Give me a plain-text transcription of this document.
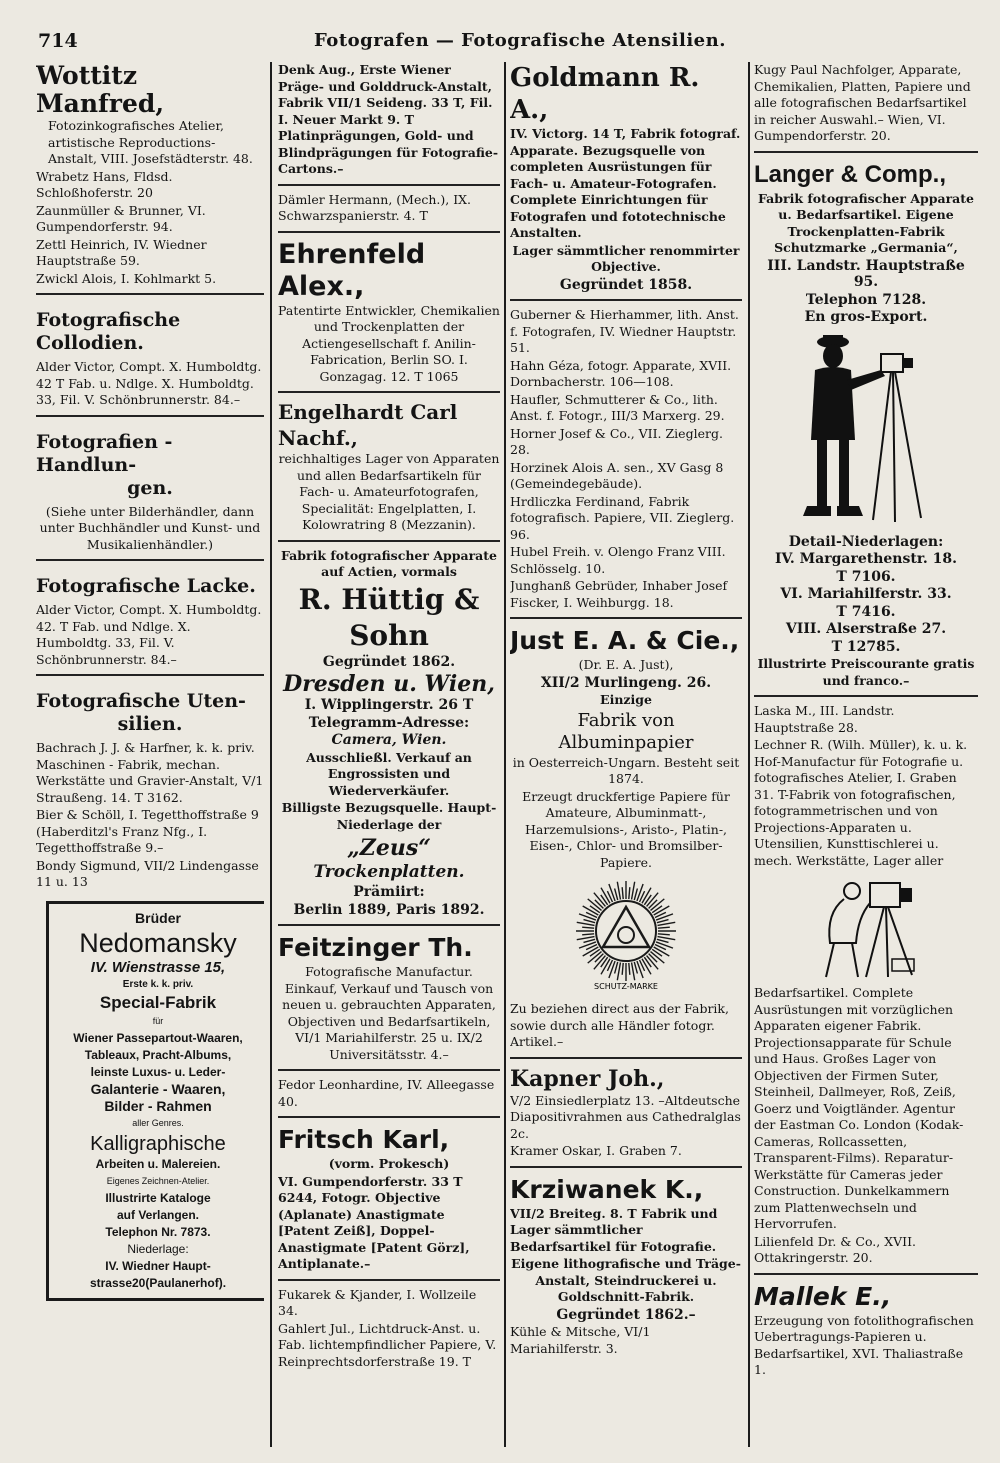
714	Fotografen — Fotografische Atensilien.
Wottitz Manfred,
Fotozinkografisches Atelier, artistische Reproductions-Anstalt, VIII. Josefstädterstr. 48.
Wrabetz Hans, Fldsd. Schloßhoferstr. 20
Zaunmüller & Brunner, VI. Gumpendorferstr. 94.
Zettl Heinrich, IV. Wiedner Hauptstraße 59.
Zwickl Alois, I. Kohlmarkt 5.
Fotografische Collodien.
Alder Victor, Compt. X. Humboldtg. 42 T Fab. u. Ndlge. X. Humboldtg. 33, Fil. V. Schönbrunnerstr. 84.–
Fotografien - Handlun-
gen.
(Siehe unter Bilderhändler, dann unter Buchhändler und Kunst- und Musikalienhändler.)
Fotografische Lacke.
Alder Victor, Compt. X. Humboldtg. 42. T Fab. und Ndlge. X. Humboldtg. 33, Fil. V. Schönbrunnerstr. 84.–
Fotografische Uten-
silien.
Bachrach J. J. & Harfner, k. k. priv. Maschinen - Fabrik, mechan. Werkstätte und Gravier-Anstalt, V/1 Straußeng. 14. T 3162.
Bier & Schöll, I. Tegetthoffstraße 9 (Haberditzl's Franz Nfg., I. Tegetthoffstraße 9.–
Bondy Sigmund, VII/2 Lindengasse 11 u. 13
Brüder
Nedomansky
IV. Wienstrasse 15,
Erste k. k. priv.
Special-Fabrik
für
Wiener Passepartout-Waaren,
Tableaux, Pracht-Albums,
leinste Luxus- u. Leder-
Galanterie - Waaren,
Bilder - Rahmen
aller Genres.
Kalligraphische
Arbeiten u. Malereien.
Eigenes Zeichnen-Atelier.
Illustrirte Kataloge
auf Verlangen.
Telephon Nr. 7873.
Niederlage:
IV. Wiedner Haupt-
strasse20(Paulanerhof).
Denk Aug., Erste Wiener Präge- und Golddruck-Anstalt, Fabrik VII/1 Seideng. 33 T, Fil. I. Neuer Markt 9. T Platinprägungen, Gold- und Blindprägungen für Fotografie-Cartons.–
Dämler Hermann, (Mech.), IX. Schwarzspanierstr. 4. T
Ehrenfeld Alex.,
Patentirte Entwickler, Chemikalien und Trockenplatten der Actiengesellschaft f. Anilin-Fabrication, Berlin SO. I. Gonzagag. 12. T 1065
Engelhardt Carl Nachf.,
reichhaltiges Lager von Apparaten und allen Bedarfsartikeln für Fach- u. Amateurfotografen, Specialität: Engelplatten, I. Kolowratring 8 (Mezzanin).
Fabrik fotografischer Apparate auf Actien, vormals
R. Hüttig & Sohn
Gegründet 1862.
Dresden u. Wien,
I. Wipplingerstr. 26 T
Telegramm-Adresse:
Camera, Wien.
Ausschließl. Verkauf an Engrossisten und Wiederverkäufer.
Billigste Bezugsquelle. Haupt-Niederlage der
„Zeus“
Trockenplatten.
Prämiirt:
Berlin 1889, Paris 1892.
Feitzinger Th.
Fotografische Manufactur. Einkauf, Verkauf und Tausch von neuen u. gebrauchten Apparaten, Objectiven und Bedarfsartikeln, VI/1 Mariahilferstr. 25 u. IX/2 Universitätsstr. 4.–
Fedor Leonhardine, IV. Alleegasse 40.
Fritsch Karl,
(vorm. Prokesch)
VI. Gumpendorferstr. 33 T 6244, Fotogr. Objective (Aplanate) Anastigmate [Patent Zeiß], Doppel-Anastigmate [Patent Görz], Antiplanate.–
Fukarek & Kjander, I. Wollzeile 34.
Gahlert Jul., Lichtdruck-Anst. u. Fab. lichtempfindlicher Papiere, V. Reinprechtsdorferstraße 19. T
Goldmann R. A.,
IV. Victorg. 14 T, Fabrik fotograf. Apparate. Bezugsquelle von completen Ausrüstungen für Fach- u. Amateur-Fotografen. Complete Einrichtungen für Fotografen und fototechnische Anstalten.
Lager sämmtlicher renommirter Objective.
Gegründet 1858.
Guberner & Hierhammer, lith. Anst. f. Fotografen, IV. Wiedner Hauptstr. 51.
Hahn Géza, fotogr. Apparate, XVII. Dornbacherstr. 106—108.
Haufler, Schmutterer & Co., lith. Anst. f. Fotogr., III/3 Marxerg. 29.
Horner Josef & Co., VII. Zieglerg. 28.
Horzinek Alois A. sen., XV Gasg 8 (Gemeindegebäude).
Hrdliczka Ferdinand, Fabrik fotografisch. Papiere, VII. Zieglerg. 96.
Hubel Freih. v. Olengo Franz VIII. Schlösselg. 10.
Junghanß Gebrüder, Inhaber Josef Fiscker, I. Weihburgg. 18.
Just E. A. & Cie.,
(Dr. E. A. Just),
XII/2 Murlingeng. 26.
Einzige
Fabrik von Albuminpapier
in Oesterreich-Ungarn. Besteht seit 1874.
Erzeugt druckfertige Papiere für Amateure, Albuminmatt-, Harzemulsions-, Aristo-, Platin-, Eisen-, Chlor- und Bromsilber-Papiere.
SCHUTZ-MARKE
Zu beziehen direct aus der Fabrik, sowie durch alle Händler fotogr. Artikel.–
Kapner Joh.,
V/2 Einsiedlerplatz 13. –Altdeutsche Diapositivrahmen aus Cathedralglas 2c.
Kramer Oskar, I. Graben 7.
Krziwanek K.,
VII/2 Breiteg. 8. T Fabrik und Lager sämmtlicher Bedarfsartikel für Fotografie.
Eigene lithografische und Träge-Anstalt, Steindruckerei u. Goldschnitt-Fabrik.
Gegründet 1862.–
Kühle & Mitsche, VI/1 Mariahilferstr. 3.
Kugy Paul Nachfolger, Apparate, Chemikalien, Platten, Papiere und alle fotografischen Bedarfsartikel in reicher Auswahl.– Wien, VI. Gumpendorferstr. 20.
Langer & Comp.,
Fabrik fotografischer Apparate u. Bedarfsartikel. Eigene Trockenplatten-Fabrik Schutzmarke „Germania“,
III. Landstr. Hauptstraße 95.
Telephon 7128.
En gros-Export.
Detail-Niederlagen:
IV. Margarethenstr. 18.
T 7106.
VI. Mariahilferstr. 33.
T 7416.
VIII. Alserstraße 27.
T 12785.
Illustrirte Preiscourante gratis und franco.–
Laska M., III. Landstr. Hauptstraße 28.
Lechner R. (Wilh. Müller), k. u. k. Hof-Manufactur für Fotografie u. fotografisches Atelier, I. Graben 31. T-Fabrik von fotografischen, fotogrammetrischen und von Projections-Apparaten u. Utensilien, Kunsttischlerei u. mech. Werkstätte, Lager aller
Bedarfsartikel. Complete Ausrüstungen mit vorzüglichen Apparaten eigener Fabrik. Projectionsapparate für Schule und Haus. Großes Lager von Objectiven der Firmen Suter, Steinheil, Dallmeyer, Roß, Zeiß, Goerz und Voigtländer. Agentur der Eastman Co. London (Kodak-Cameras, Rollcassetten, Transparent-Films). Reparatur-Werkstätte für Cameras jeder Construction. Dunkelkammern zum Plattenwechseln und Hervorrufen.
Lilienfeld Dr. & Co., XVII. Ottakringerstr. 20.
Mallek E.,
Erzeugung von fotolithografischen Uebertragungs-Papieren u. Bedarfsartikel, XVI. Thaliastraße 1.
